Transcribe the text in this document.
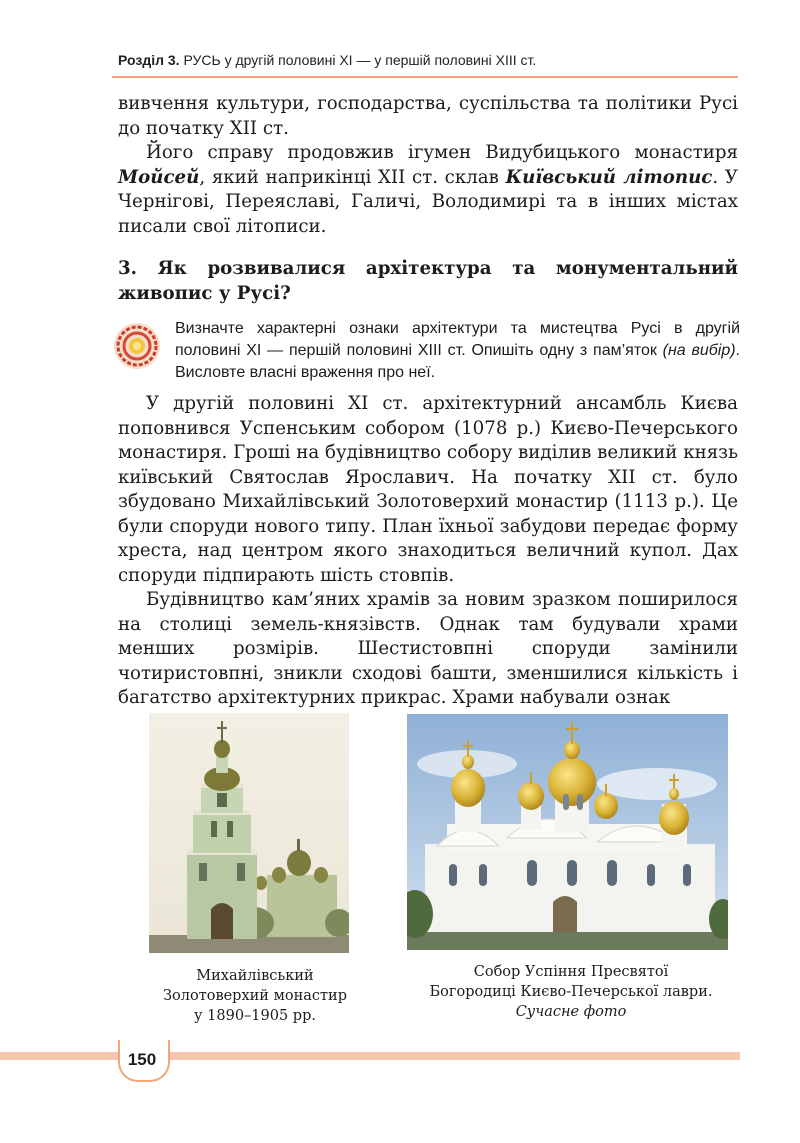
Розділ 3. РУСЬ у другій половині XI — у першій половині XIII ст.

вивчення культури, господарства, суспільства та політики Русі до початку XII ст.

Його справу продовжив ігумен Видубицького монастиря Мойсей, який наприкінці XII ст. склав Київський літопис. У Чернігові, Переяславі, Галичі, Володимирі та в інших містах писали свої літописи.

3. Як розвивалися архітектура та монументальний живопис у Русі?
Визначте характерні ознаки архітектури та мистецтва Русі в другій половині XI — першій половині XIII ст. Опишіть одну з пам’яток (на вибір). Висловте власні враження про неї.

У другій половині XI ст. архітектурний ансамбль Києва поповнився Успенським собором (1078 р.) Києво-Печерського монастиря. Гроші на будівництво собору виділив великий князь київський Святослав Ярославич. На початку XII ст. було збудовано Михайлівський Золотоверхий монастир (1113 р.). Це були споруди нового типу. План їхньої забудови передає форму хреста, над центром якого знаходиться величний купол. Дах споруди підпирають шість стовпів.

Будівництво кам’яних храмів за новим зразком поширилося на столиці земель-князівств. Однак там будували храми менших розмірів. Шестистовпні споруди замінили чотиристовпні, зникли сходові башти, зменшилися кількість і багатство архітектурних прикрас. Храми набували ознак

Михайлівський
Золотоверхий монастир
у 1890–1905 рр.
Собор Успіння Пресвятої
Богородиці Києво-Печерської лаври.
Сучасне фото
150
